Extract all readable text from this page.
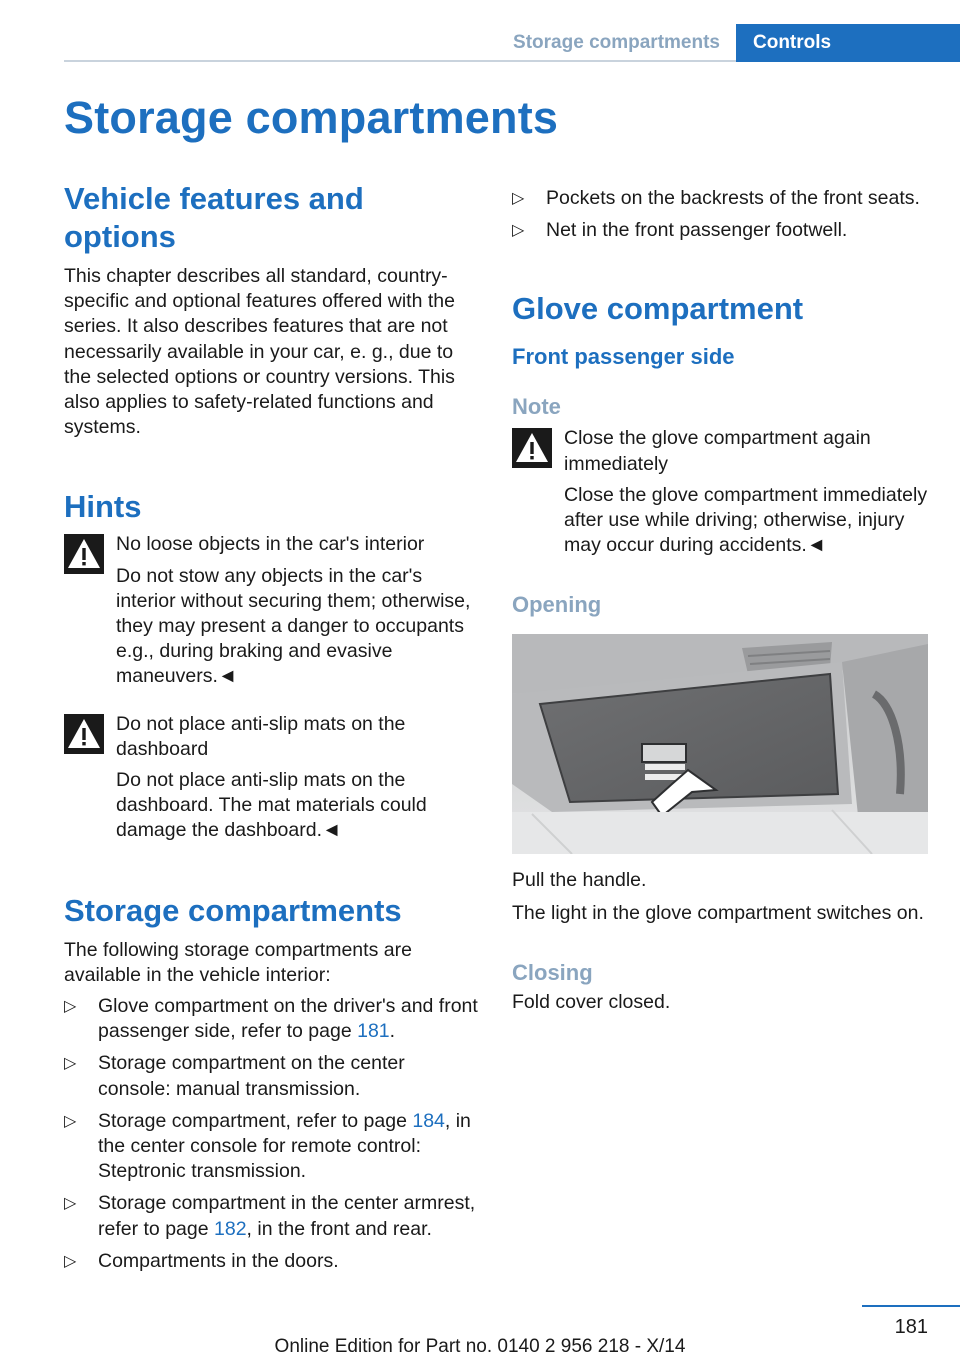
Storage compartments	Controls
Storage compartments
Vehicle features and options

This chapter describes all standard, country-specific and optional features offered with the series. It also describes features that are not necessarily available in your car, e. g., due to the selected options or country versions. This also applies to safety-related functions and systems.

Hints
No loose objects in the car's interior
Do not stow any objects in the car's interior without securing them; otherwise, they may present a danger to occupants e.g., during braking and evasive maneuvers.◄
Do not place anti-slip mats on the dashboard
Do not place anti-slip mats on the dashboard. The mat materials could damage the dashboard.◄
Storage compartments

The following storage compartments are available in the vehicle interior:

▷ Glove compartment on the driver's and front passenger side, refer to page 181.
▷ Storage compartment on the center console: manual transmission.
▷ Storage compartment, refer to page 184, in the center console for remote control: Steptronic transmission.
▷ Storage compartment in the center armrest, refer to page 182, in the front and rear.
▷ Compartments in the doors.
▷ Pockets on the backrests of the front seats.
▷ Net in the front passenger footwell.
Glove compartment
Front passenger side
Note
Close the glove compartment again immediately
Close the glove compartment immediately after use while driving; otherwise, injury may occur during accidents.◄
Opening

Pull the handle.

The light in the glove compartment switches on.

Closing

Fold cover closed.

181
Online Edition for Part no. 0140 2 956 218 - X/14
